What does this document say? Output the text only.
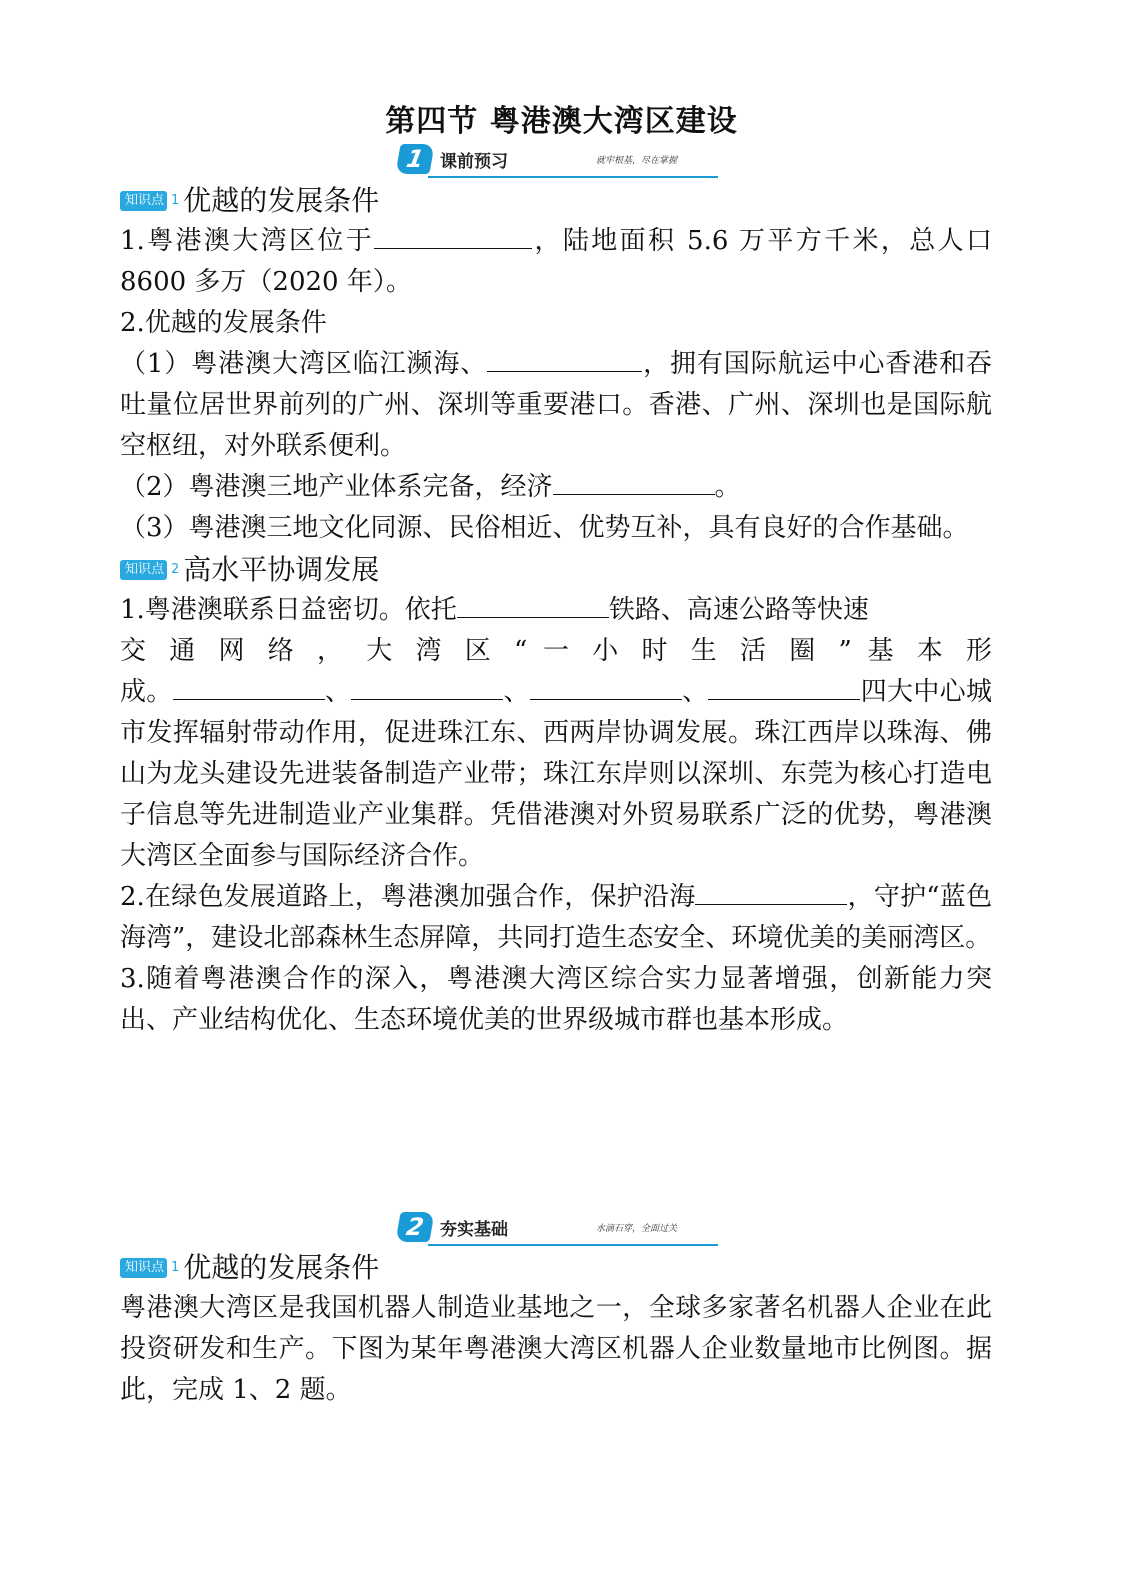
第四节 粤港澳大湾区建设
1 课前预习	就牢根基，尽在掌握
知识点 1 优越的发展条件

1.粤港澳大湾区位于	，陆地面积 5.6 万平方千米，总人口 8600 多万（2020 年）。

2.优越的发展条件

（1）粤港澳大湾区临江濒海、	，拥有国际航运中心香港和吞吐量位居世界前列的广州、深圳等重要港口。香港、广州、深圳也是国际航空枢纽，对外联系便利。

（2）粤港澳三地产业体系完备，经济	。

（3）粤港澳三地文化同源、民俗相近、优势互补，具有良好的合作基础。

知识点 2 高水平协调发展

1.粤港澳联系日益密切。依托	铁路、高速公路等快速

交 通 网 络 ， 大 湾 区 “ 一 小 时 生 活 圈 ” 基 本 形

成。	、	、	、	四大中心城市发挥辐射带动作用，促进珠江东、西两岸协调发展。珠江西岸以珠海、佛山为龙头建设先进装备制造产业带；珠江东岸则以深圳、东莞为核心打造电子信息等先进制造业产业集群。凭借港澳对外贸易联系广泛的优势，粤港澳大湾区全面参与国际经济合作。

2.在绿色发展道路上，粤港澳加强合作，保护沿海	，守护“蓝色海湾”，建设北部森林生态屏障，共同打造生态安全、环境优美的美丽湾区。

3.随着粤港澳合作的深入，粤港澳大湾区综合实力显著增强，创新能力突出、产业结构优化、生态环境优美的世界级城市群也基本形成。

2 夯实基础	水滴石穿，全面过关
知识点 1 优越的发展条件

粤港澳大湾区是我国机器人制造业基地之一，全球多家著名机器人企业在此投资研发和生产。下图为某年粤港澳大湾区机器人企业数量地市比例图。据此，完成 1、2 题。
